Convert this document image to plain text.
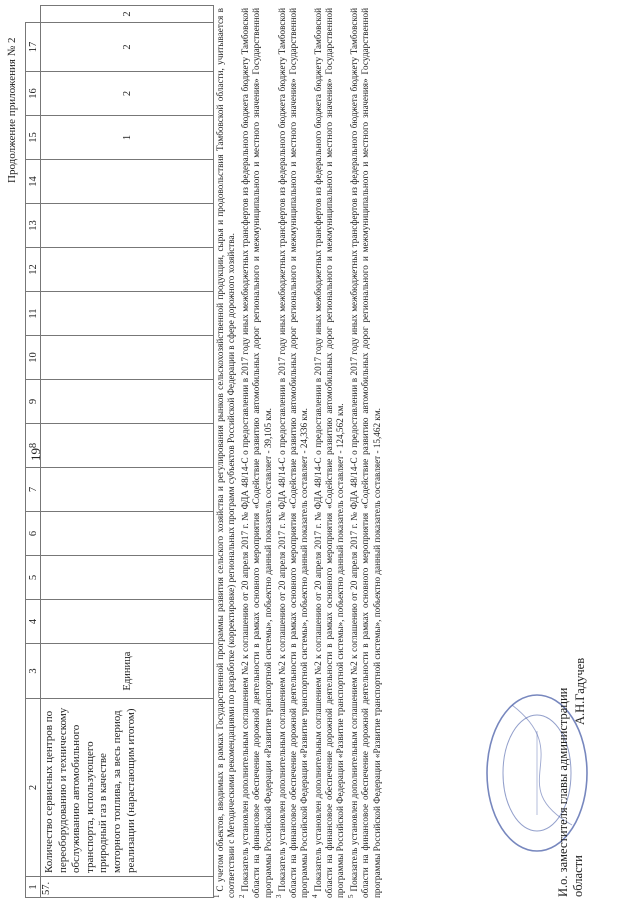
19
Продолжение приложения № 2
1	2	3	4	5	6	7	8	9	10	11	12	13	14	15	16	17	
57.	Количество сервисных центров по переоборудованию и техническому обслуживанию автомобильного транспорта, использующего природный газ в качестве моторного топлива, за весь период реализации (нарастающим итогом)	Единица												1	2	2	2

$^1$С учетом объектов, вводимых в рамках Государственной программы развития сельского хозяйства и регулирования рынков сельскохозяйственной продукции, сырья и продовольствия Тамбовской области, учитывается в соответствии с Методическими рекомендациями по разработке (корректировке) региональных программ субъектов Российской Федерации в сфере дорожного хозяйства. $^2$Показатель установлен дополнительным соглашением №2 к соглашению от 20 апреля 2017 г. № ФДА 48/14-С о предоставлении в 2017 году иных межбюджетных трансфертов из федерального бюджета бюджету Тамбовской области на финансовое обеспечение дорожной деятельности в рамках основного мероприятия «Содействие развитию автомобильных дорог регионального и межмуниципального и местного значения» Государственной программы Российской Федерации «Развитие транспортной системы», побьектно данный показатель составляет - 39,105 км. $^3$Показатель установлен дополнительным соглашением №2 к соглашению от 20 апреля 2017 г. № ФДА 48/14-С о предоставлении в 2017 году иных межбюджетных трансфертов из федерального бюджета бюджету Тамбовской области на финансовое обеспечение дорожной деятельности в рамках основного мероприятия «Содействие развитию автомобильных дорог регионального и межмуниципального и местного значения» Государственной программы Российской Федерации «Развитие транспортной системы», побьектно данный показатель составляет - 24,336 км. $^4$Показатель установлен дополнительным соглашением №2 к соглашению от 20 апреля 2017 г. № ФДА 48/14-С о предоставлении в 2017 году иных межбюджетных трансфертов из федерального бюджета бюджету Тамбовской области на финансовое обеспечение дорожной деятельности в рамках основного мероприятия «Содействие развитию автомобильных дорог регионального и межмуниципального и местного значения» Государственной программы Российской Федерации «Развитие транспортной системы», побьектно данный показатель составляет - 124,562 км. $^5$Показатель установлен дополнительным соглашением №2 к соглашению от 20 апреля 2017 г. № ФДА 48/14-С о предоставлении в 2017 году иных межбюджетных трансфертов из федерального бюджета бюджету Тамбовской области на финансовое обеспечение дорожной деятельности в рамках основного мероприятия «Содействие развитию автомобильных дорог регионального и межмуниципального и местного значения» Государственной программы Российской Федерации «Развитие транспортной системы», побьектно данный показатель составляет - 15,462 км.	И.о. заместителя главы администрации области
А.Н.Гадучев
